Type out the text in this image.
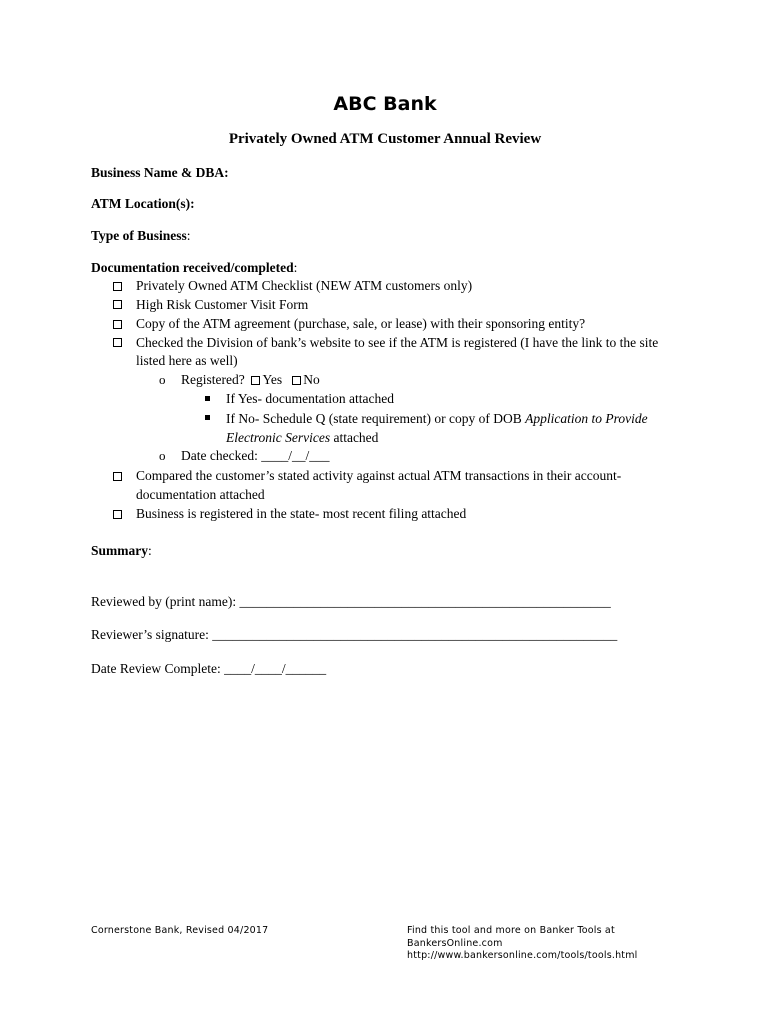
ABC Bank
Privately Owned ATM Customer Annual Review
Business Name & DBA:
ATM Location(s):
Type of Business:
Documentation received/completed:
Privately Owned ATM Checklist (NEW ATM customers only)
High Risk Customer Visit Form
Copy of the ATM agreement (purchase, sale, or lease) with their sponsoring entity?
Checked the Division of bank’s website to see if the ATM is registered (I have the link to the site
listed here as well)
o Registered? Yes No
If Yes- documentation attached
If No- Schedule Q (state requirement) or copy of DOB Application to Provide
Electronic Services attached
o Date checked: ____/__/___
Compared the customer’s stated activity against actual ATM transactions in their account-
documentation attached
Business is registered in the state- most recent filing attached
Summary:
Reviewed by (print name): _______________________________________________________
Reviewer’s signature: ____________________________________________________________
Date Review Complete: ____/____/______
Cornerstone Bank, Revised 04/2017	Find this tool and more on Banker Tools at
BankersOnline.com
http://www.bankersonline.com/tools/tools.html
